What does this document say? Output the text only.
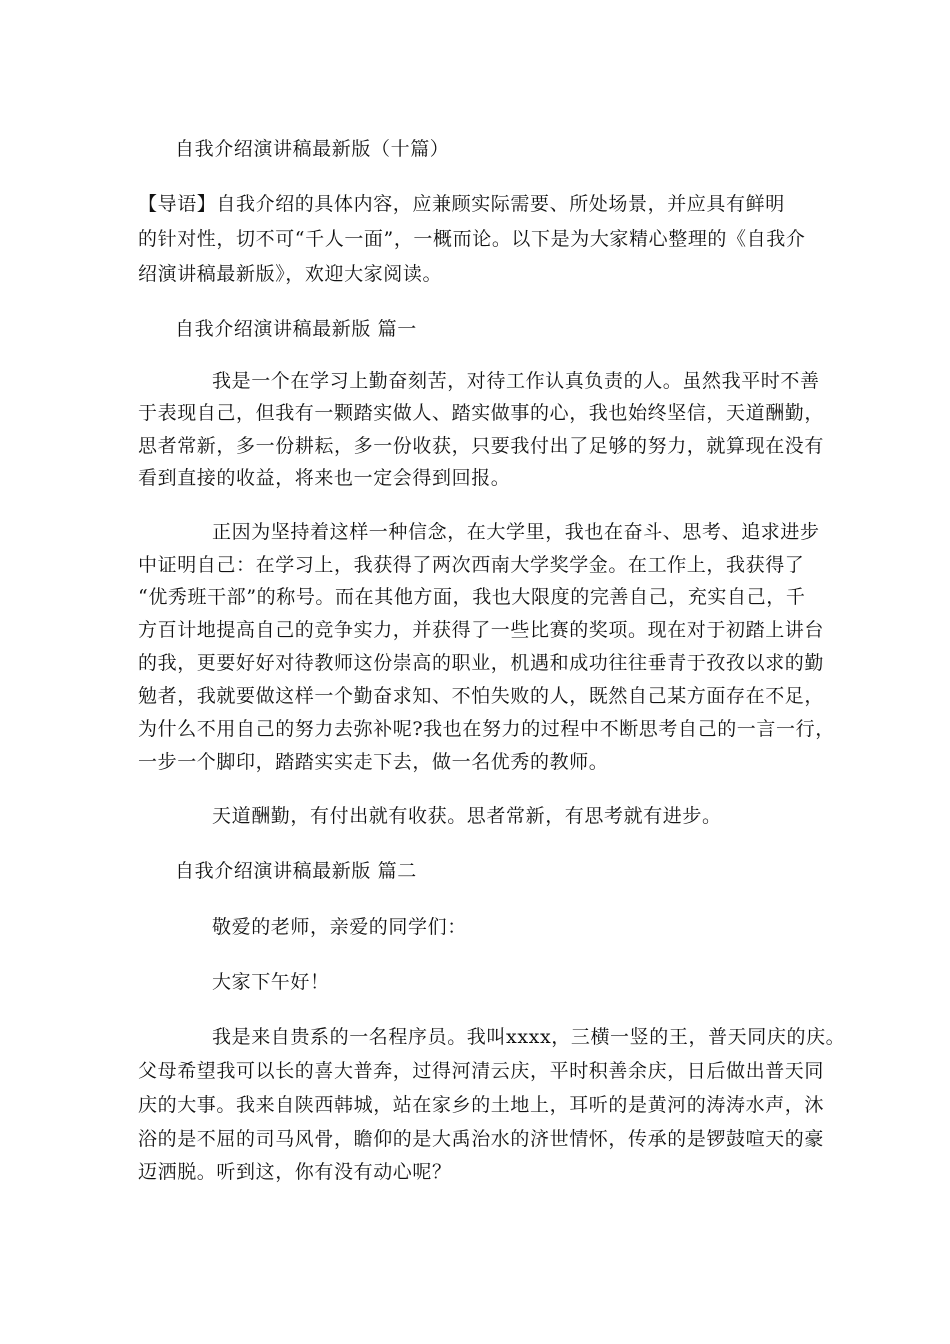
自我介绍演讲稿最新版（十篇）
【导语】自我介绍的具体内容，应兼顾实际需要、所处场景，并应具有鲜明
的针对性，切不可“千人一面”，一概而论。以下是为大家精心整理的《自我介
绍演讲稿最新版》，欢迎大家阅读。
自我介绍演讲稿最新版 篇一
我是一个在学习上勤奋刻苦，对待工作认真负责的人。虽然我平时不善
于表现自己，但我有一颗踏实做人、踏实做事的心，我也始终坚信，天道酬勤，
思者常新，多一份耕耘，多一份收获，只要我付出了足够的努力，就算现在没有
看到直接的收益，将来也一定会得到回报。
正因为坚持着这样一种信念，在大学里，我也在奋斗、思考、追求进步
中证明自己：在学习上，我获得了两次西南大学奖学金。在工作上，我获得了
“优秀班干部”的称号。而在其他方面，我也大限度的完善自己，充实自己，千
方百计地提高自己的竞争实力，并获得了一些比赛的奖项。现在对于初踏上讲台
的我，更要好好对待教师这份崇高的职业，机遇和成功往往垂青于孜孜以求的勤
勉者，我就要做这样一个勤奋求知、不怕失败的人，既然自己某方面存在不足，
为什么不用自己的努力去弥补呢?我也在努力的过程中不断思考自己的一言一行，
一步一个脚印，踏踏实实走下去，做一名优秀的教师。
天道酬勤，有付出就有收获。思者常新，有思考就有进步。
自我介绍演讲稿最新版 篇二
敬爱的老师，亲爱的同学们：
大家下午好！
我是来自贵系的一名程序员。我叫xxxx，三横一竖的王，普天同庆的庆。
父母希望我可以长的喜大普奔，过得河清云庆，平时积善余庆，日后做出普天同
庆的大事。我来自陕西韩城，站在家乡的土地上，耳听的是黄河的涛涛水声，沐
浴的是不屈的司马风骨，瞻仰的是大禹治水的济世情怀，传承的是锣鼓喧天的豪
迈洒脱。听到这，你有没有动心呢？
